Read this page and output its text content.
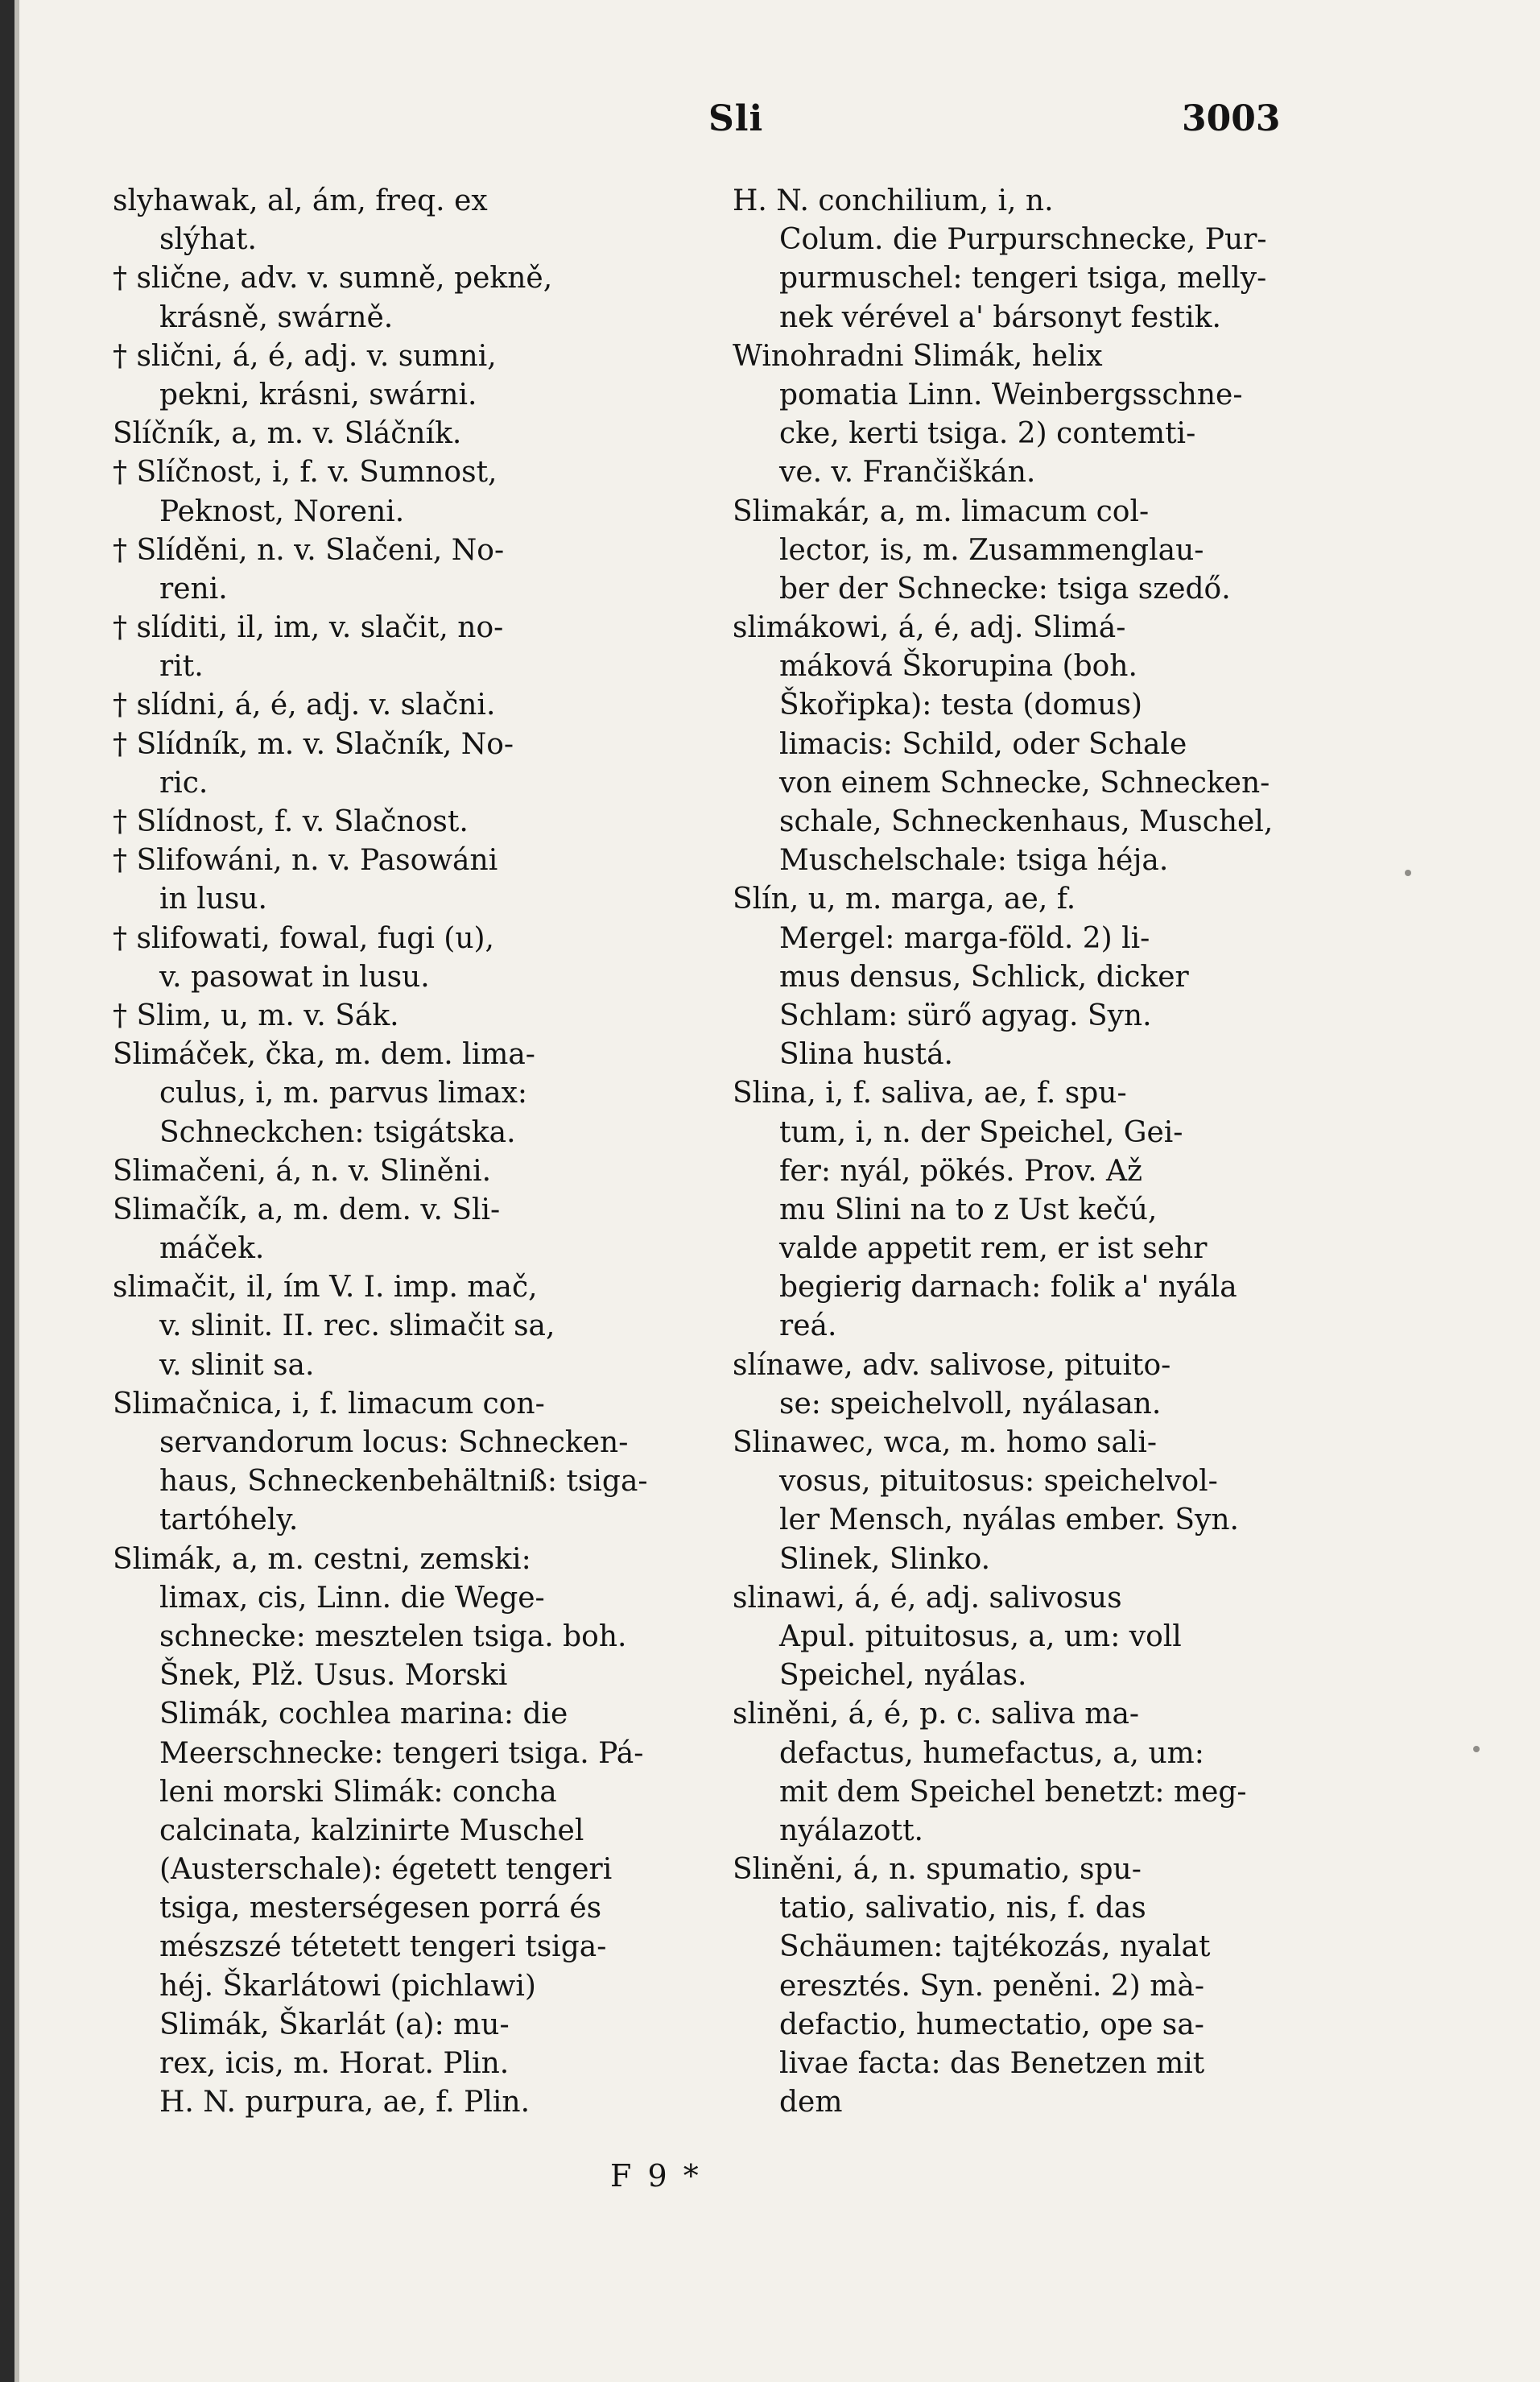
Sli	3003
slyhawak, al, ám, freq. ex
slýhat.
† slične, adv. v. sumně, pekně,
krásně, swárně.
† slični, á, é, adj. v. sumni,
pekni, krásni, swárni.
Slíčník, a, m. v. Sláčník.
† Slíčnost, i, f. v. Sumnost,
Peknost, Noreni.
† Slíděni, n. v. Slačeni, No-
reni.
† slíditi, il, im, v. slačit, no-
rit.
† slídni, á, é, adj. v. slačni.
† Slídník, m. v. Slačník, No-
ric.
† Slídnost, f. v. Slačnost.
† Slifowáni, n. v. Pasowáni
in lusu.
† slifowati, fowal, fugi (u),
v. pasowat in lusu.
† Slim, u, m. v. Sák.
Slimáček, čka, m. dem. lima-
culus, i, m. parvus limax:
Schneckchen: tsigátska.
Slimačeni, á, n. v. Sliněni.
Slimačík, a, m. dem. v. Sli-
máček.
slimačit, il, ím V. I. imp. mač,
v. slinit. II. rec. slimačit sa,
v. slinit sa.
Slimačnica, i, f. limacum con-
servandorum locus: Schnecken-
haus, Schneckenbehältniß: tsiga-
tartóhely.
Slimák, a, m. cestni, zemski:
limax, cis, Linn. die Wege-
schnecke: mesztelen tsiga. boh.
Šnek, Plž. Usus. Morski
Slimák, cochlea marina: die
Meerschnecke: tengeri tsiga. Pá-
leni morski Slimák: concha
calcinata, kalzinirte Muschel
(Austerschale): égetett tengeri
tsiga, mesterségesen porrá és
mészszé tétetett tengeri tsiga-
héj. Škarlátowi (pichlawi)
Slimák, Škarlát (a): mu-
rex, icis, m. Horat. Plin.
H. N. purpura, ae, f. Plin.
H. N. conchilium, i, n.
Colum. die Purpurschnecke, Pur-
purmuschel: tengeri tsiga, melly-
nek vérével a' bársonyt festik.
Winohradni Slimák, helix
pomatia Linn. Weinbergsschne-
cke, kerti tsiga. 2) contemti-
ve. v. Frančiškán.
Slimakár, a, m. limacum col-
lector, is, m. Zusammenglau-
ber der Schnecke: tsiga szedő.
slimákowi, á, é, adj. Slimá-
máková Škorupina (boh.
Škořipka): testa (domus)
limacis: Schild, oder Schale
von einem Schnecke, Schnecken-
schale, Schneckenhaus, Muschel,
Muschelschale: tsiga héja.
Slín, u, m. marga, ae, f.
Mergel: marga-föld. 2) li-
mus densus, Schlick, dicker
Schlam: sürő agyag. Syn.
Slina hustá.
Slina, i, f. saliva, ae, f. spu-
tum, i, n. der Speichel, Gei-
fer: nyál, pökés. Prov. Až
mu Slini na to z Ust kečú,
valde appetit rem, er ist sehr
begierig darnach: folik a' nyála
reá.
slínawe, adv. salivose, pituito-
se: speichelvoll, nyálasan.
Slinawec, wca, m. homo sali-
vosus, pituitosus: speichelvol-
ler Mensch, nyálas ember. Syn.
Slinek, Slinko.
slinawi, á, é, adj. salivosus
Apul. pituitosus, a, um: voll
Speichel, nyálas.
sliněni, á, é, p. c. saliva ma-
defactus, humefactus, a, um:
mit dem Speichel benetzt: meg-
nyálazott.
Sliněni, á, n. spumatio, spu-
tatio, salivatio, nis, f. das
Schäumen: tajtékozás, nyalat
eresztés. Syn. peněni. 2) mà-
defactio, humectatio, ope sa-
livae facta: das Benetzen mit
dem
F 9 *
